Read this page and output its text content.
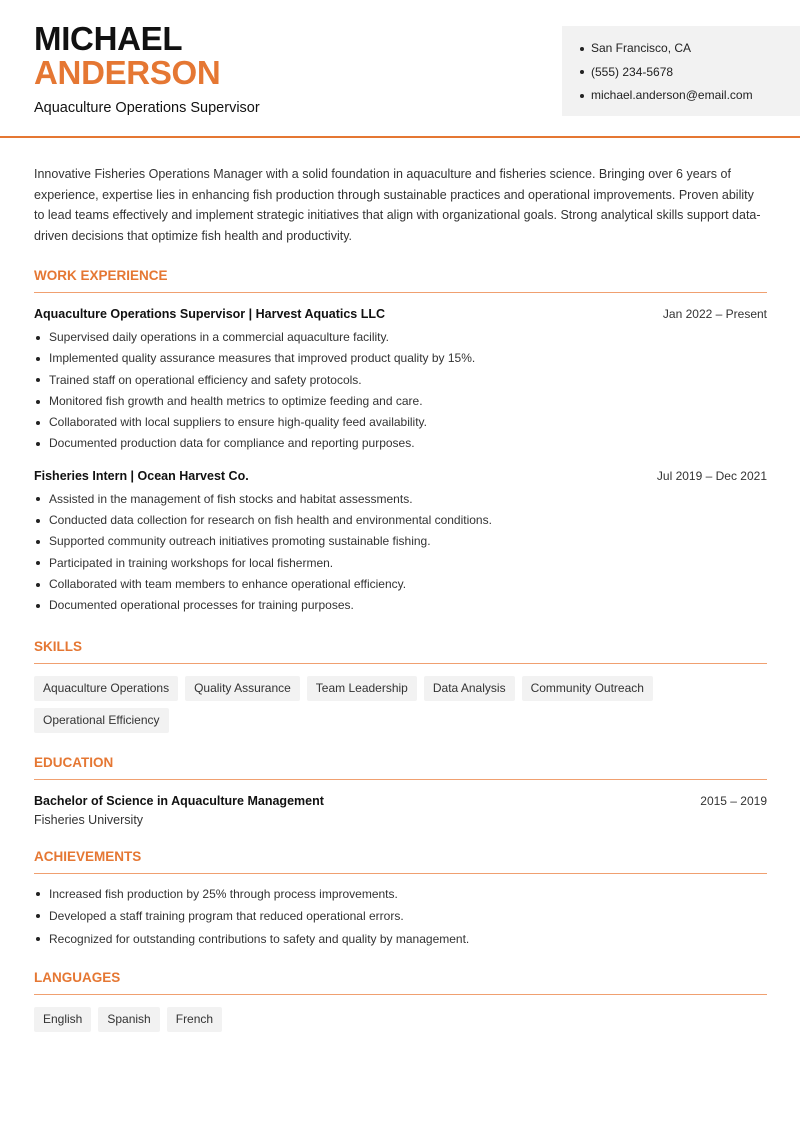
MICHAEL
ANDERSON
Aquaculture Operations Supervisor
San Francisco, CA
(555) 234-5678
michael.anderson@email.com

Innovative Fisheries Operations Manager with a solid foundation in aquaculture and fisheries science. Bringing over 6 years of experience, expertise lies in enhancing fish production through sustainable practices and operational improvements. Proven ability to lead teams effectively and implement strategic initiatives that align with organizational goals. Strong analytical skills support data-driven decisions that optimize fish health and productivity.

WORK EXPERIENCE
Aquaculture Operations Supervisor | Harvest Aquatics LLC	Jan 2022 – Present
Supervised daily operations in a commercial aquaculture facility.
Implemented quality assurance measures that improved product quality by 15%.
Trained staff on operational efficiency and safety protocols.
Monitored fish growth and health metrics to optimize feeding and care.
Collaborated with local suppliers to ensure high-quality feed availability.
Documented production data for compliance and reporting purposes.
Fisheries Intern | Ocean Harvest Co.	Jul 2019 – Dec 2021
Assisted in the management of fish stocks and habitat assessments.
Conducted data collection for research on fish health and environmental conditions.
Supported community outreach initiatives promoting sustainable fishing.
Participated in training workshops for local fishermen.
Collaborated with team members to enhance operational efficiency.
Documented operational processes for training purposes.
SKILLS
Aquaculture Operations	Quality Assurance	Team Leadership	Data Analysis	Community Outreach
Operational Efficiency
EDUCATION
Bachelor of Science in Aquaculture Management	2015 – 2019
Fisheries University
ACHIEVEMENTS
Increased fish production by 25% through process improvements.
Developed a staff training program that reduced operational errors.
Recognized for outstanding contributions to safety and quality by management.
LANGUAGES
English	Spanish	French
